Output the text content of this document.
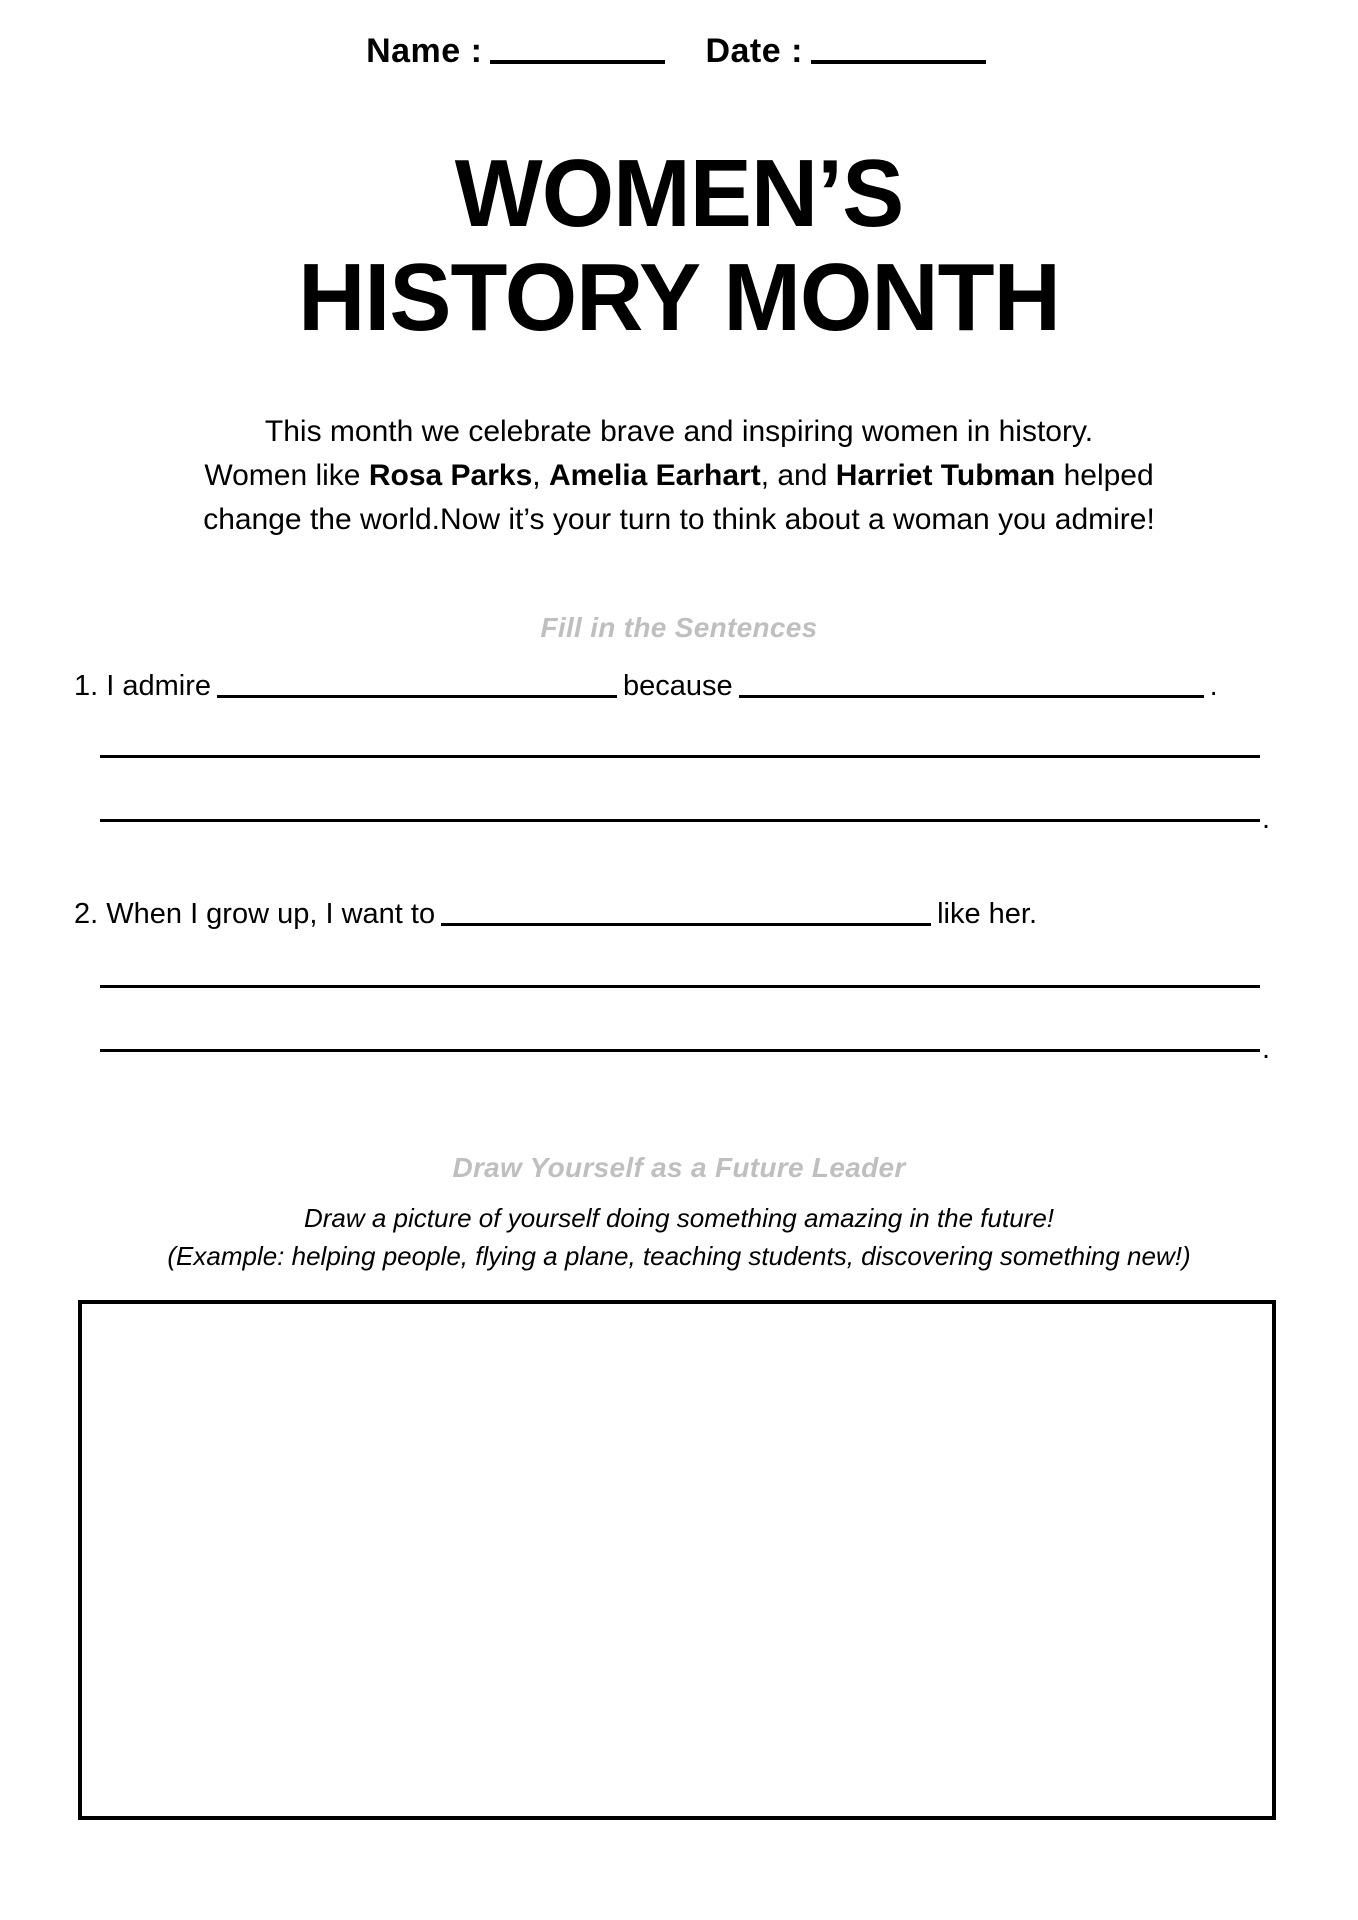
Name :	Date :
WOMEN’S
HISTORY MONTH
This month we celebrate brave and inspiring women in history.
Women like Rosa Parks, Amelia Earhart, and Harriet Tubman helped
change the world.Now it’s your turn to think about a woman you admire!
Fill in the Sentences
1. I admire	because	.
.
2. When I grow up, I want to	like her.
.
Draw Yourself as a Future Leader
Draw a picture of yourself doing something amazing in the future!
(Example: helping people, flying a plane, teaching students, discovering something new!)
